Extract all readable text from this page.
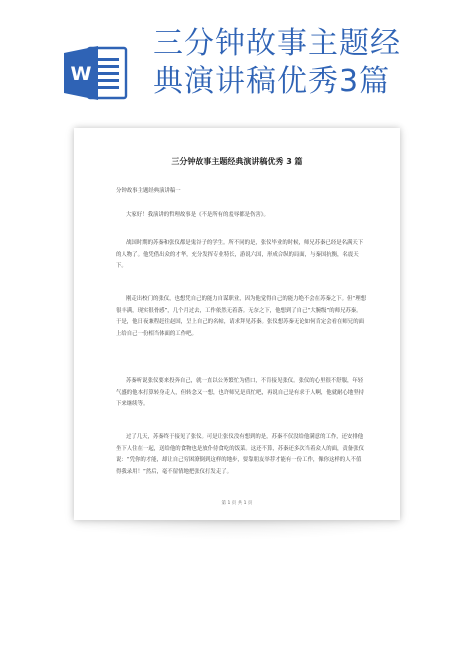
W
三分钟故事主题经
典演讲稿优秀3篇
三分钟故事主题经典演讲稿优秀 3 篇

分钟故事主题经典演讲稿一

大家好！我演讲的哲理故事是《不是所有的羞辱都是伤害》。

战国时期的苏秦和张仪都是鬼谷子的学生。所不同的是，张仪毕业的时候，师兄苏秦已经是名满天下的人物了。他凭借出众的才华，充分发挥专业特长，游说六国，形成合纵的局面，与秦国抗衡，名震天下。

刚走出校门的张仪，也想凭自己的能力自谋职业，因为他觉得自己的能力绝不会在苏秦之下。但“理想很丰满，现实很骨感”，几个月过去，工作依然无着落。无奈之下，他想到了自己“大腕级”的师兄苏秦。于是，他日夜兼程赶往赵国，呈上自己的名帖，请求拜见苏秦。张仪想苏秦无论如何肯定会看在师兄的面上给自己一份相当体面的工作吧。

苏秦听说张仪要来投奔自己，就一直以公务繁忙为借口，不肯接见张仪。张仪的心里很不舒服，年轻气盛的他本打算转身走人，但转念又一想，也许师兄是真忙吧，再说自己是有求于人啊，他就耐心地坚持下来继续等。

过了几天，苏秦终于接见了张仪。可是让张仪没有想到的是，苏秦不仅没给他满意的工作，还安排他坐下人住在一起，送给他的食物也是放仆侍食吃的饭菜。这还不算，苏秦还多次当着众人的面，责备张仪说：“凭你的才能，却让自己穷困潦倒到这样的地步，要靠朋友举荐才能有一份工作，像你这样的人不值得我录用！”然后，毫不留情地把张仪打发走了。

第 1 页 共 1 页
